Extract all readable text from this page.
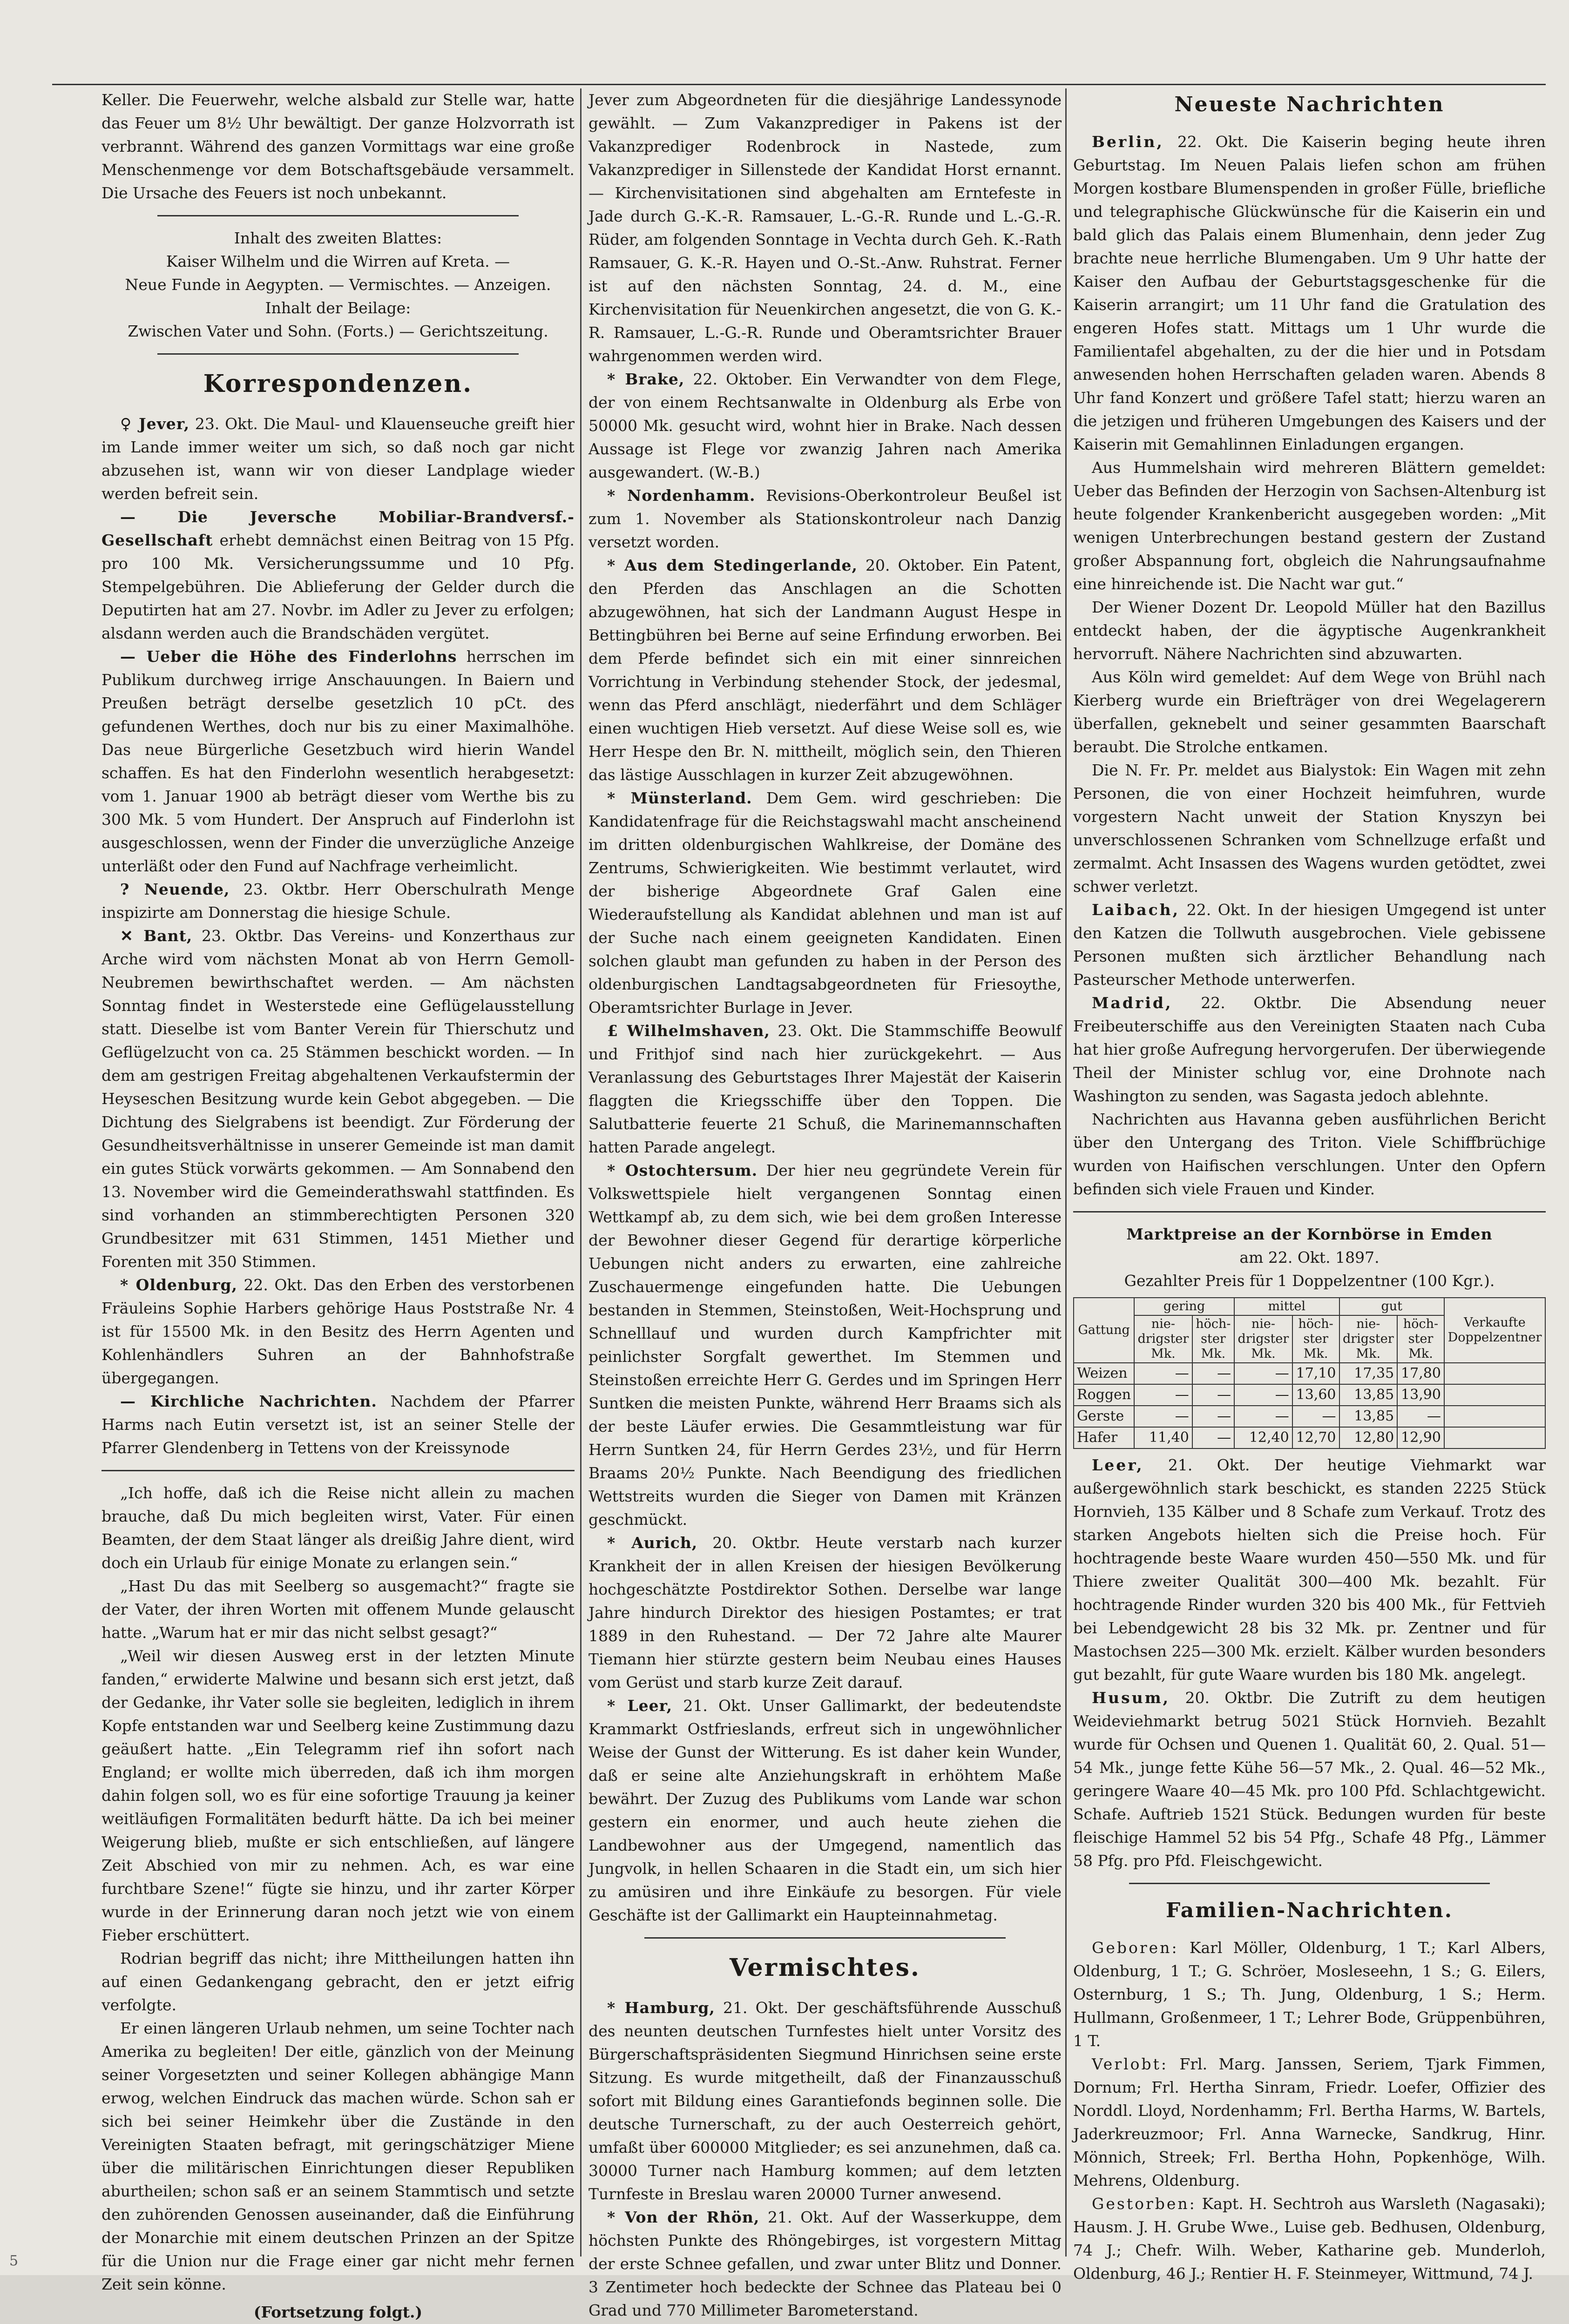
Keller. Die Feuerwehr, welche alsbald zur Stelle war, hatte das Feuer um 8½ Uhr bewältigt. Der ganze Holzvorrath ist verbrannt. Während des ganzen Vormittags war eine große Menschenmenge vor dem Botschaftsgebäude versammelt. Die Ursache des Feuers ist noch unbekannt.

Inhalt des zweiten Blattes:

Kaiser Wilhelm und die Wirren auf Kreta. —

Neue Funde in Aegypten. — Vermischtes. — Anzeigen.

Inhalt der Beilage:

Zwischen Vater und Sohn. (Forts.) — Gerichtszeitung.

Korrespondenzen.

♀ Jever, 23. Okt. Die Maul- und Klauenseuche greift hier im Lande immer weiter um sich, so daß noch gar nicht abzusehen ist, wann wir von dieser Landplage wieder werden befreit sein.

— Die Jeversche Mobiliar-Brandversf.-Gesellschaft erhebt demnächst einen Beitrag von 15 Pfg. pro 100 Mk. Versicherungssumme und 10 Pfg. Stempelgebühren. Die Ablieferung der Gelder durch die Deputirten hat am 27. Novbr. im Adler zu Jever zu erfolgen; alsdann werden auch die Brandschäden vergütet.

— Ueber die Höhe des Finderlohns herrschen im Publikum durchweg irrige Anschauungen. In Baiern und Preußen beträgt derselbe gesetzlich 10 pCt. des gefundenen Werthes, doch nur bis zu einer Maximalhöhe. Das neue Bürgerliche Gesetzbuch wird hierin Wandel schaffen. Es hat den Finderlohn wesentlich herabgesetzt: vom 1. Januar 1900 ab beträgt dieser vom Werthe bis zu 300 Mk. 5 vom Hundert. Der Anspruch auf Finderlohn ist ausgeschlossen, wenn der Finder die unverzügliche Anzeige unterläßt oder den Fund auf Nachfrage verheimlicht.

? Neuende, 23. Oktbr. Herr Oberschulrath Menge inspizirte am Donnerstag die hiesige Schule.

✕ Bant, 23. Oktbr. Das Vereins- und Konzerthaus zur Arche wird vom nächsten Monat ab von Herrn Gemoll-Neubremen bewirthschaftet werden. — Am nächsten Sonntag findet in Westerstede eine Geflügelausstellung statt. Dieselbe ist vom Banter Verein für Thierschutz und Geflügelzucht von ca. 25 Stämmen beschickt worden. — In dem am gestrigen Freitag abgehaltenen Verkaufstermin der Heyseschen Besitzung wurde kein Gebot abgegeben. — Die Dichtung des Sielgrabens ist beendigt. Zur Förderung der Gesundheitsverhältnisse in unserer Gemeinde ist man damit ein gutes Stück vorwärts gekommen. — Am Sonnabend den 13. November wird die Gemeinderathswahl stattfinden. Es sind vorhanden an stimmberechtigten Personen 320 Grundbesitzer mit 631 Stimmen, 1451 Miether und Forenten mit 350 Stimmen.

* Oldenburg, 22. Okt. Das den Erben des verstorbenen Fräuleins Sophie Harbers gehörige Haus Poststraße Nr. 4 ist für 15500 Mk. in den Besitz des Herrn Agenten und Kohlenhändlers Suhren an der Bahnhofstraße übergegangen.

— Kirchliche Nachrichten. Nachdem der Pfarrer Harms nach Eutin versetzt ist, ist an seiner Stelle der Pfarrer Glendenberg in Tettens von der Kreissynode

„Ich hoffe, daß ich die Reise nicht allein zu machen brauche, daß Du mich begleiten wirst, Vater. Für einen Beamten, der dem Staat länger als dreißig Jahre dient, wird doch ein Urlaub für einige Monate zu erlangen sein.“

„Hast Du das mit Seelberg so ausgemacht?“ fragte sie der Vater, der ihren Worten mit offenem Munde gelauscht hatte. „Warum hat er mir das nicht selbst gesagt?“

„Weil wir diesen Ausweg erst in der letzten Minute fanden,“ erwiderte Malwine und besann sich erst jetzt, daß der Gedanke, ihr Vater solle sie begleiten, lediglich in ihrem Kopfe entstanden war und Seelberg keine Zustimmung dazu geäußert hatte. „Ein Telegramm rief ihn sofort nach England; er wollte mich überreden, daß ich ihm morgen dahin folgen soll, wo es für eine sofortige Trauung ja keiner weitläufigen Formalitäten bedurft hätte. Da ich bei meiner Weigerung blieb, mußte er sich entschließen, auf längere Zeit Abschied von mir zu nehmen. Ach, es war eine furchtbare Szene!“ fügte sie hinzu, und ihr zarter Körper wurde in der Erinnerung daran noch jetzt wie von einem Fieber erschüttert.

Rodrian begriff das nicht; ihre Mittheilungen hatten ihn auf einen Gedankengang gebracht, den er jetzt eifrig verfolgte.

Er einen längeren Urlaub nehmen, um seine Tochter nach Amerika zu begleiten! Der eitle, gänzlich von der Meinung seiner Vorgesetzten und seiner Kollegen abhängige Mann erwog, welchen Eindruck das machen würde. Schon sah er sich bei seiner Heimkehr über die Zustände in den Vereinigten Staaten befragt, mit geringschätziger Miene über die militärischen Einrichtungen dieser Republiken aburtheilen; schon saß er an seinem Stammtisch und setzte den zuhörenden Genossen auseinander, daß die Einführung der Monarchie mit einem deutschen Prinzen an der Spitze für die Union nur die Frage einer gar nicht mehr fernen Zeit sein könne.

(Fortsetzung folgt.)

Jever zum Abgeordneten für die diesjährige Landessynode gewählt. — Zum Vakanzprediger in Pakens ist der Vakanzprediger Rodenbrock in Nastede, zum Vakanzprediger in Sillenstede der Kandidat Horst ernannt. — Kirchenvisitationen sind abgehalten am Erntefeste in Jade durch G.-K.-R. Ramsauer, L.-G.-R. Runde und L.-G.-R. Rüder, am folgenden Sonntage in Vechta durch Geh. K.-Rath Ramsauer, G. K.-R. Hayen und O.-St.-Anw. Ruhstrat. Ferner ist auf den nächsten Sonntag, 24. d. M., eine Kirchenvisitation für Neuenkirchen angesetzt, die von G. K.-R. Ramsauer, L.-G.-R. Runde und Oberamtsrichter Brauer wahrgenommen werden wird.

* Brake, 22. Oktober. Ein Verwandter von dem Flege, der von einem Rechtsanwalte in Oldenburg als Erbe von 50000 Mk. gesucht wird, wohnt hier in Brake. Nach dessen Aussage ist Flege vor zwanzig Jahren nach Amerika ausgewandert. (W.-B.)

* Nordenhamm. Revisions-Oberkontroleur Beußel ist zum 1. November als Stationskontroleur nach Danzig versetzt worden.

* Aus dem Stedingerlande, 20. Oktober. Ein Patent, den Pferden das Anschlagen an die Schotten abzugewöhnen, hat sich der Landmann August Hespe in Bettingbühren bei Berne auf seine Erfindung erworben. Bei dem Pferde befindet sich ein mit einer sinnreichen Vorrichtung in Verbindung stehender Stock, der jedesmal, wenn das Pferd anschlägt, niederfährt und dem Schläger einen wuchtigen Hieb versetzt. Auf diese Weise soll es, wie Herr Hespe den Br. N. mittheilt, möglich sein, den Thieren das lästige Ausschlagen in kurzer Zeit abzugewöhnen.

* Münsterland. Dem Gem. wird geschrieben: Die Kandidatenfrage für die Reichstagswahl macht anscheinend im dritten oldenburgischen Wahlkreise, der Domäne des Zentrums, Schwierigkeiten. Wie bestimmt verlautet, wird der bisherige Abgeordnete Graf Galen eine Wiederaufstellung als Kandidat ablehnen und man ist auf der Suche nach einem geeigneten Kandidaten. Einen solchen glaubt man gefunden zu haben in der Person des oldenburgischen Landtagsabgeordneten für Friesoythe, Oberamtsrichter Burlage in Jever.

£ Wilhelmshaven, 23. Okt. Die Stammschiffe Beowulf und Frithjof sind nach hier zurückgekehrt. — Aus Veranlassung des Geburtstages Ihrer Majestät der Kaiserin flaggten die Kriegsschiffe über den Toppen. Die Salutbatterie feuerte 21 Schuß, die Marinemannschaften hatten Parade angelegt.

* Ostochtersum. Der hier neu gegründete Verein für Volkswettspiele hielt vergangenen Sonntag einen Wettkampf ab, zu dem sich, wie bei dem großen Interesse der Bewohner dieser Gegend für derartige körperliche Uebungen nicht anders zu erwarten, eine zahlreiche Zuschauermenge eingefunden hatte. Die Uebungen bestanden in Stemmen, Steinstoßen, Weit-Hochsprung und Schnelllauf und wurden durch Kampfrichter mit peinlichster Sorgfalt gewerthet. Im Stemmen und Steinstoßen erreichte Herr G. Gerdes und im Springen Herr Suntken die meisten Punkte, während Herr Braams sich als der beste Läufer erwies. Die Gesammtleistung war für Herrn Suntken 24, für Herrn Gerdes 23½, und für Herrn Braams 20½ Punkte. Nach Beendigung des friedlichen Wettstreits wurden die Sieger von Damen mit Kränzen geschmückt.

* Aurich, 20. Oktbr. Heute verstarb nach kurzer Krankheit der in allen Kreisen der hiesigen Bevölkerung hochgeschätzte Postdirektor Sothen. Derselbe war lange Jahre hindurch Direktor des hiesigen Postamtes; er trat 1889 in den Ruhestand. — Der 72 Jahre alte Maurer Tiemann hier stürzte gestern beim Neubau eines Hauses vom Gerüst und starb kurze Zeit darauf.

* Leer, 21. Okt. Unser Gallimarkt, der bedeutendste Krammarkt Ostfrieslands, erfreut sich in ungewöhnlicher Weise der Gunst der Witterung. Es ist daher kein Wunder, daß er seine alte Anziehungskraft in erhöhtem Maße bewährt. Der Zuzug des Publikums vom Lande war schon gestern ein enormer, und auch heute ziehen die Landbewohner aus der Umgegend, namentlich das Jungvolk, in hellen Schaaren in die Stadt ein, um sich hier zu amüsiren und ihre Einkäufe zu besorgen. Für viele Geschäfte ist der Gallimarkt ein Haupteinnahmetag.

Vermischtes.

* Hamburg, 21. Okt. Der geschäftsführende Ausschuß des neunten deutschen Turnfestes hielt unter Vorsitz des Bürgerschaftspräsidenten Siegmund Hinrichsen seine erste Sitzung. Es wurde mitgetheilt, daß der Finanzausschuß sofort mit Bildung eines Garantiefonds beginnen solle. Die deutsche Turnerschaft, zu der auch Oesterreich gehört, umfaßt über 600000 Mitglieder; es sei anzunehmen, daß ca. 30000 Turner nach Hamburg kommen; auf dem letzten Turnfeste in Breslau waren 20000 Turner anwesend.

* Von der Rhön, 21. Okt. Auf der Wasserkuppe, dem höchsten Punkte des Rhöngebirges, ist vorgestern Mittag der erste Schnee gefallen, und zwar unter Blitz und Donner. 3 Zentimeter hoch bedeckte der Schnee das Plateau bei 0 Grad und 770 Millimeter Barometerstand.

Neueste Nachrichten

Berlin, 22. Okt. Die Kaiserin beging heute ihren Geburtstag. Im Neuen Palais liefen schon am frühen Morgen kostbare Blumenspenden in großer Fülle, briefliche und telegraphische Glückwünsche für die Kaiserin ein und bald glich das Palais einem Blumenhain, denn jeder Zug brachte neue herrliche Blumengaben. Um 9 Uhr hatte der Kaiser den Aufbau der Geburtstagsgeschenke für die Kaiserin arrangirt; um 11 Uhr fand die Gratulation des engeren Hofes statt. Mittags um 1 Uhr wurde die Familientafel abgehalten, zu der die hier und in Potsdam anwesenden hohen Herrschaften geladen waren. Abends 8 Uhr fand Konzert und größere Tafel statt; hierzu waren an die jetzigen und früheren Umgebungen des Kaisers und der Kaiserin mit Gemahlinnen Einladungen ergangen.

Aus Hummelshain wird mehreren Blättern gemeldet: Ueber das Befinden der Herzogin von Sachsen-Altenburg ist heute folgender Krankenbericht ausgegeben worden: „Mit wenigen Unterbrechungen bestand gestern der Zustand großer Abspannung fort, obgleich die Nahrungsaufnahme eine hinreichende ist. Die Nacht war gut.“

Der Wiener Dozent Dr. Leopold Müller hat den Bazillus entdeckt haben, der die ägyptische Augenkrankheit hervorruft. Nähere Nachrichten sind abzuwarten.

Aus Köln wird gemeldet: Auf dem Wege von Brühl nach Kierberg wurde ein Briefträger von drei Wegelagerern überfallen, geknebelt und seiner gesammten Baarschaft beraubt. Die Strolche entkamen.

Die N. Fr. Pr. meldet aus Bialystok: Ein Wagen mit zehn Personen, die von einer Hochzeit heimfuhren, wurde vorgestern Nacht unweit der Station Knyszyn bei unverschlossenen Schranken vom Schnellzuge erfaßt und zermalmt. Acht Insassen des Wagens wurden getödtet, zwei schwer verletzt.

Laibach, 22. Okt. In der hiesigen Umgegend ist unter den Katzen die Tollwuth ausgebrochen. Viele gebissene Personen mußten sich ärztlicher Behandlung nach Pasteurscher Methode unterwerfen.

Madrid, 22. Oktbr. Die Absendung neuer Freibeuterschiffe aus den Vereinigten Staaten nach Cuba hat hier große Aufregung hervorgerufen. Der überwiegende Theil der Minister schlug vor, eine Drohnote nach Washington zu senden, was Sagasta jedoch ablehnte.

Nachrichten aus Havanna geben ausführlichen Bericht über den Untergang des Triton. Viele Schiffbrüchige wurden von Haifischen verschlungen. Unter den Opfern befinden sich viele Frauen und Kinder.

Marktpreise an der Kornbörse in Emden

am 22. Okt. 1897.

Gezahlter Preis für 1 Doppelzentner (100 Kgr.).

Gattung	gering		mittel		gut		Verkaufte Doppelzentner
	nie-drigster Mk.	höch-ster Mk.	nie-drigster Mk.	höch-ster Mk.	nie-drigster Mk.	höch-ster Mk.	
Weizen	—	—	—	17,10	17,35	17,80	
Roggen	—	—	—	13,60	13,85	13,90	
Gerste	—	—	—	—	13,85	—	
Hafer	11,40	—	12,40	12,70	12,80	12,90	

Leer, 21. Okt. Der heutige Viehmarkt war außergewöhnlich stark beschickt, es standen 2225 Stück Hornvieh, 135 Kälber und 8 Schafe zum Verkauf. Trotz des starken Angebots hielten sich die Preise hoch. Für hochtragende beste Waare wurden 450—550 Mk. und für Thiere zweiter Qualität 300—400 Mk. bezahlt. Für hochtragende Rinder wurden 320 bis 400 Mk., für Fettvieh bei Lebendgewicht 28 bis 32 Mk. pr. Zentner und für Mastochsen 225—300 Mk. erzielt. Kälber wurden besonders gut bezahlt, für gute Waare wurden bis 180 Mk. angelegt.

Husum, 20. Oktbr. Die Zutrift zu dem heutigen Weideviehmarkt betrug 5021 Stück Hornvieh. Bezahlt wurde für Ochsen und Quenen 1. Qualität 60, 2. Qual. 51—54 Mk., junge fette Kühe 56—57 Mk., 2. Qual. 46—52 Mk., geringere Waare 40—45 Mk. pro 100 Pfd. Schlachtgewicht. Schafe. Auftrieb 1521 Stück. Bedungen wurden für beste fleischige Hammel 52 bis 54 Pfg., Schafe 48 Pfg., Lämmer 58 Pfg. pro Pfd. Fleischgewicht.

Familien-Nachrichten.

Geboren: Karl Möller, Oldenburg, 1 T.; Karl Albers, Oldenburg, 1 T.; G. Schröer, Mosleseehn, 1 S.; G. Eilers, Osternburg, 1 S.; Th. Jung, Oldenburg, 1 S.; Herm. Hullmann, Großenmeer, 1 T.; Lehrer Bode, Grüppenbühren, 1 T.

Verlobt: Frl. Marg. Janssen, Seriem, Tjark Fimmen, Dornum; Frl. Hertha Sinram, Friedr. Loefer, Offizier des Norddl. Lloyd, Nordenhamm; Frl. Bertha Harms, W. Bartels, Jaderkreuzmoor; Frl. Anna Warnecke, Sandkrug, Hinr. Mönnich, Streek; Frl. Bertha Hohn, Popkenhöge, Wilh. Mehrens, Oldenburg.

Gestorben: Kapt. H. Sechtroh aus Warsleth (Nagasaki); Hausm. J. H. Grube Wwe., Luise geb. Bedhusen, Oldenburg, 74 J.; Chefr. Wilh. Weber, Katharine geb. Munderloh, Oldenburg, 46 J.; Rentier H. F. Steinmeyer, Wittmund, 74 J.

5
